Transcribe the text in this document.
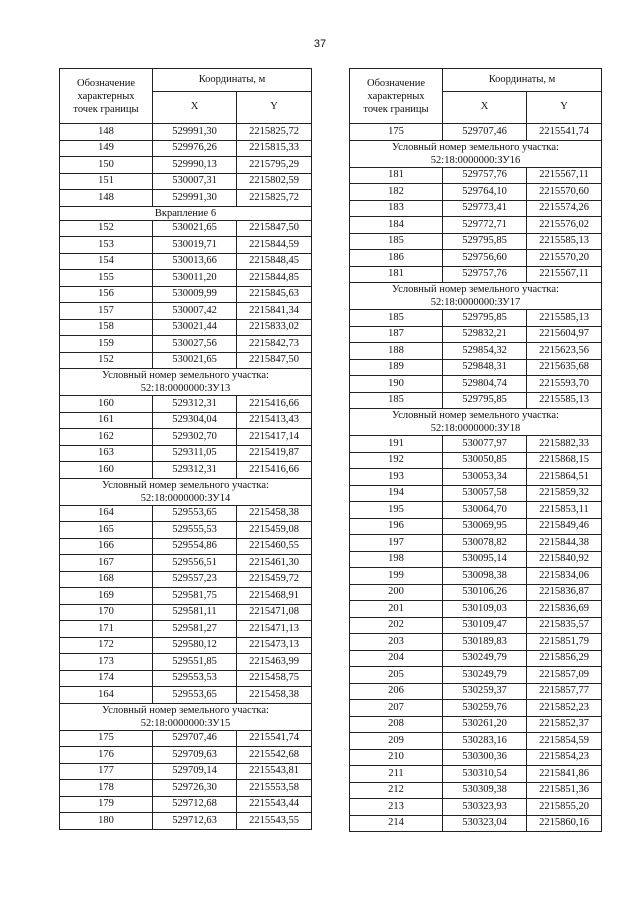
37
Обозначение
характерных
точек границы	Координаты, м	
	X	Y
148	529991,30	2215825,72
149	529976,26	2215815,33
150	529990,13	2215795,29
151	530007,31	2215802,59
148	529991,30	2215825,72
Вкрапление 6		
152	530021,65	2215847,50
153	530019,71	2215844,59
154	530013,66	2215848,45
155	530011,20	2215844,85
156	530009,99	2215845,63
157	530007,42	2215841,34
158	530021,44	2215833,02
159	530027,56	2215842,73
152	530021,65	2215847,50
Условный номер земельного участка:
52:18:0000000:ЗУ13		
160	529312,31	2215416,66
161	529304,04	2215413,43
162	529302,70	2215417,14
163	529311,05	2215419,87
160	529312,31	2215416,66
Условный номер земельного участка:
52:18:0000000:ЗУ14		
164	529553,65	2215458,38
165	529555,53	2215459,08
166	529554,86	2215460,55
167	529556,51	2215461,30
168	529557,23	2215459,72
169	529581,75	2215468,91
170	529581,11	2215471,08
171	529581,27	2215471,13
172	529580,12	2215473,13
173	529551,85	2215463,99
174	529553,53	2215458,75
164	529553,65	2215458,38
Условный номер земельного участка:
52:18:0000000:ЗУ15		
175	529707,46	2215541,74
176	529709,63	2215542,68
177	529709,14	2215543,81
178	529726,30	2215553,58
179	529712,68	2215543,44
180	529712,63	2215543,55
Обозначение
характерных
точек границы	Координаты, м	
	X	Y
175	529707,46	2215541,74
Условный номер земельного участка:
52:18:0000000:ЗУ16		
181	529757,76	2215567,11
182	529764,10	2215570,60
183	529773,41	2215574,26
184	529772,71	2215576,02
185	529795,85	2215585,13
186	529756,60	2215570,20
181	529757,76	2215567,11
Условный номер земельного участка:
52:18:0000000:ЗУ17		
185	529795,85	2215585,13
187	529832,21	2215604,97
188	529854,32	2215623,56
189	529848,31	2215635,68
190	529804,74	2215593,70
185	529795,85	2215585,13
Условный номер земельного участка:
52:18:0000000:ЗУ18		
191	530077,97	2215882,33
192	530050,85	2215868,15
193	530053,34	2215864,51
194	530057,58	2215859,32
195	530064,70	2215853,11
196	530069,95	2215849,46
197	530078,82	2215844,38
198	530095,14	2215840,92
199	530098,38	2215834,06
200	530106,26	2215836,87
201	530109,03	2215836,69
202	530109,47	2215835,57
203	530189,83	2215851,79
204	530249,79	2215856,29
205	530249,79	2215857,09
206	530259,37	2215857,77
207	530259,76	2215852,23
208	530261,20	2215852,37
209	530283,16	2215854,59
210	530300,36	2215854,23
211	530310,54	2215841,86
212	530309,38	2215851,36
213	530323,93	2215855,20
214	530323,04	2215860,16
